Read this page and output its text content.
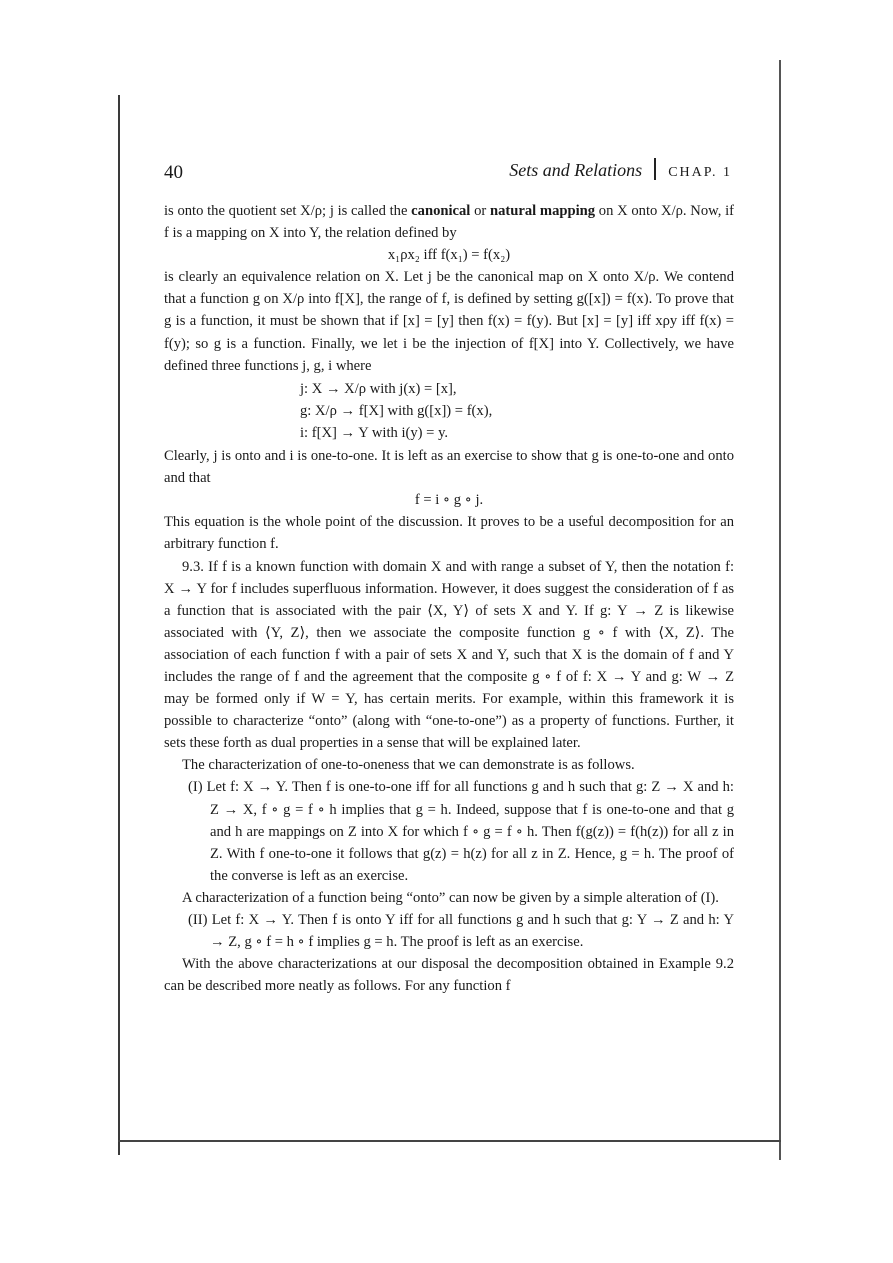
40	Sets and Relations CHAP. 1

is onto the quotient set X/ρ; j is called the canonical or natural mapping on X onto X/ρ. Now, if f is a mapping on X into Y, the relation defined by

x₁ρx₂ iff f(x₁) = f(x₂)

is clearly an equivalence relation on X. Let j be the canonical map on X onto X/ρ. We contend that a function g on X/ρ into f[X], the range of f, is defined by setting g([x]) = f(x). To prove that g is a function, it must be shown that if [x] = [y] then f(x) = f(y). But [x] = [y] iff xρy iff f(x) = f(y); so g is a function. Finally, we let i be the injection of f[X] into Y. Collectively, we have defined three functions j, g, i where

j: X → X/ρ with j(x) = [x],
g: X/ρ → f[X] with g([x]) = f(x),
i: f[X] → Y with i(y) = y.

Clearly, j is onto and i is one-to-one. It is left as an exercise to show that g is one-to-one and onto and that

f = i ∘ g ∘ j.

This equation is the whole point of the discussion. It proves to be a useful decomposition for an arbitrary function f.

9.3. If f is a known function with domain X and with range a subset of Y, then the notation f: X → Y for f includes superfluous information. However, it does suggest the consideration of f as a function that is associated with the pair ⟨X, Y⟩ of sets X and Y. If g: Y → Z is likewise associated with ⟨Y, Z⟩, then we associate the composite function g ∘ f with ⟨X, Z⟩. The association of each function f with a pair of sets X and Y, such that X is the domain of f and Y includes the range of f and the agreement that the composite g ∘ f of f: X → Y and g: W → Z may be formed only if W = Y, has certain merits. For example, within this framework it is possible to characterize “onto” (along with “one-to-one”) as a property of functions. Further, it sets these forth as dual properties in a sense that will be explained later.

The characterization of one-to-oneness that we can demonstrate is as follows.

(I) Let f: X → Y. Then f is one-to-one iff for all functions g and h such that g: Z → X and h: Z → X, f ∘ g = f ∘ h implies that g = h. Indeed, suppose that f is one-to-one and that g and h are mappings on Z into X for which f ∘ g = f ∘ h. Then f(g(z)) = f(h(z)) for all z in Z. With f one-to-one it follows that g(z) = h(z) for all z in Z. Hence, g = h. The proof of the converse is left as an exercise.

A characterization of a function being “onto” can now be given by a simple alteration of (I).

(II) Let f: X → Y. Then f is onto Y iff for all functions g and h such that g: Y → Z and h: Y → Z, g ∘ f = h ∘ f implies g = h. The proof is left as an exercise.

With the above characterizations at our disposal the decomposition obtained in Example 9.2 can be described more neatly as follows. For any function f
